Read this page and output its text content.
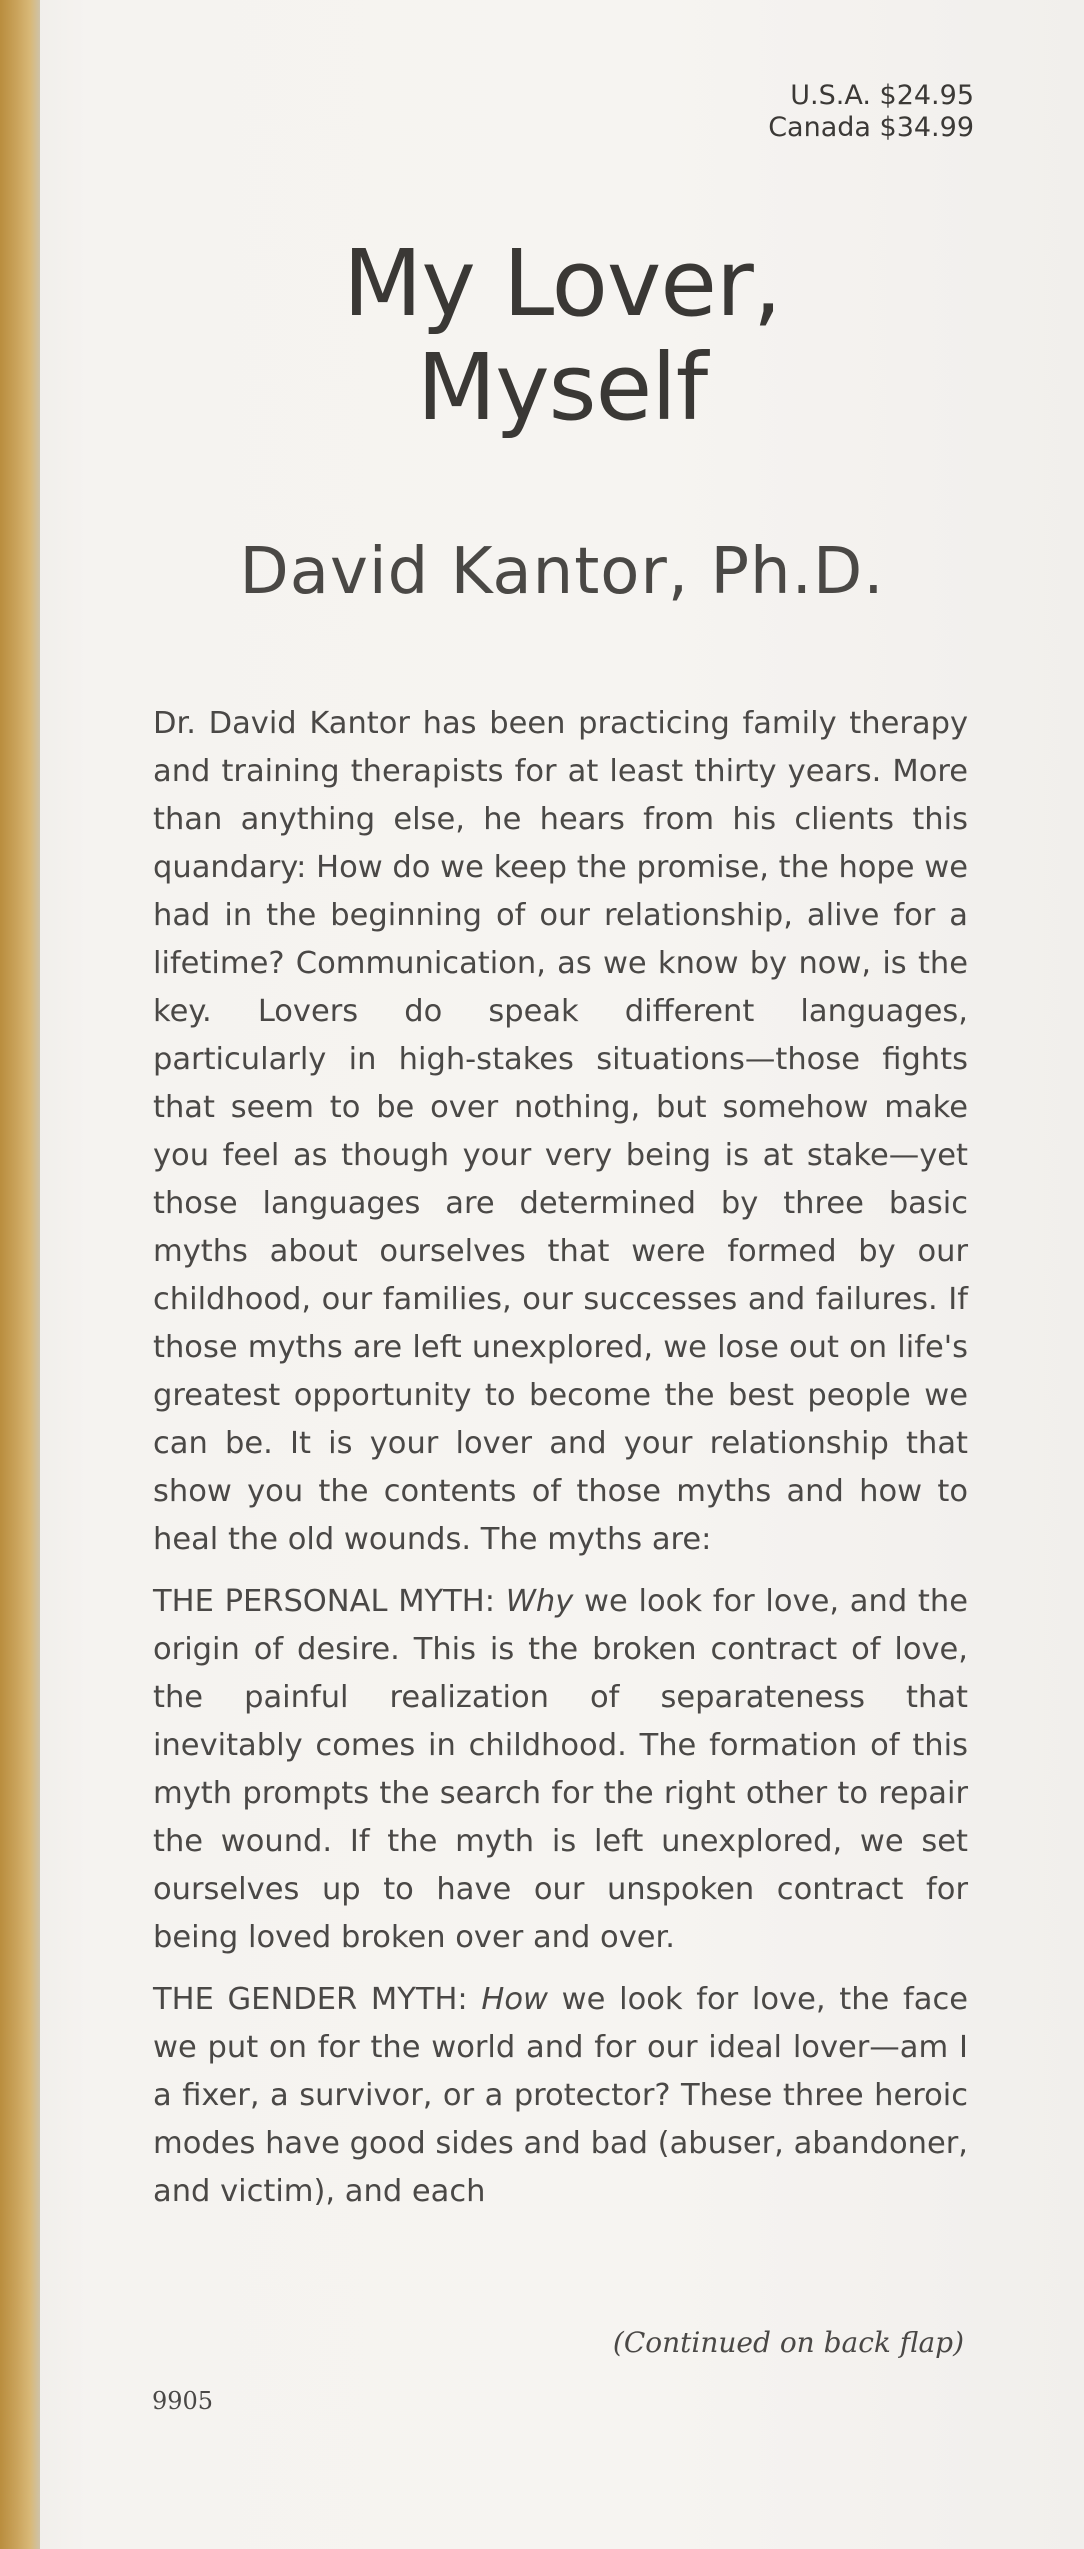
U.S.A. $24.95
Canada $34.99
My Lover,
Myself
David Kantor, Ph.D.

Dr. David Kantor has been practicing family therapy and training therapists for at least thirty years. More than anything else, he hears from his clients this quandary: How do we keep the promise, the hope we had in the beginning of our relationship, alive for a lifetime? Communication, as we know by now, is the key. Lovers do speak different languages, particularly in high-stakes situations—those fights that seem to be over nothing, but somehow make you feel as though your very being is at stake—yet those languages are determined by three basic myths about ourselves that were formed by our childhood, our families, our successes and failures. If those myths are left unexplored, we lose out on life's greatest opportunity to become the best people we can be. It is your lover and your relationship that show you the contents of those myths and how to heal the old wounds. The myths are:

THE PERSONAL MYTH: Why we look for love, and the origin of desire. This is the broken contract of love, the painful realization of separateness that inevitably comes in childhood. The formation of this myth prompts the search for the right other to repair the wound. If the myth is left unexplored, we set ourselves up to have our unspoken contract for being loved broken over and over.

THE GENDER MYTH: How we look for love, the face we put on for the world and for our ideal lover—am I a fixer, a survivor, or a protector? These three heroic modes have good sides and bad (abuser, abandoner, and victim), and each

(Continued on back flap)
9905
